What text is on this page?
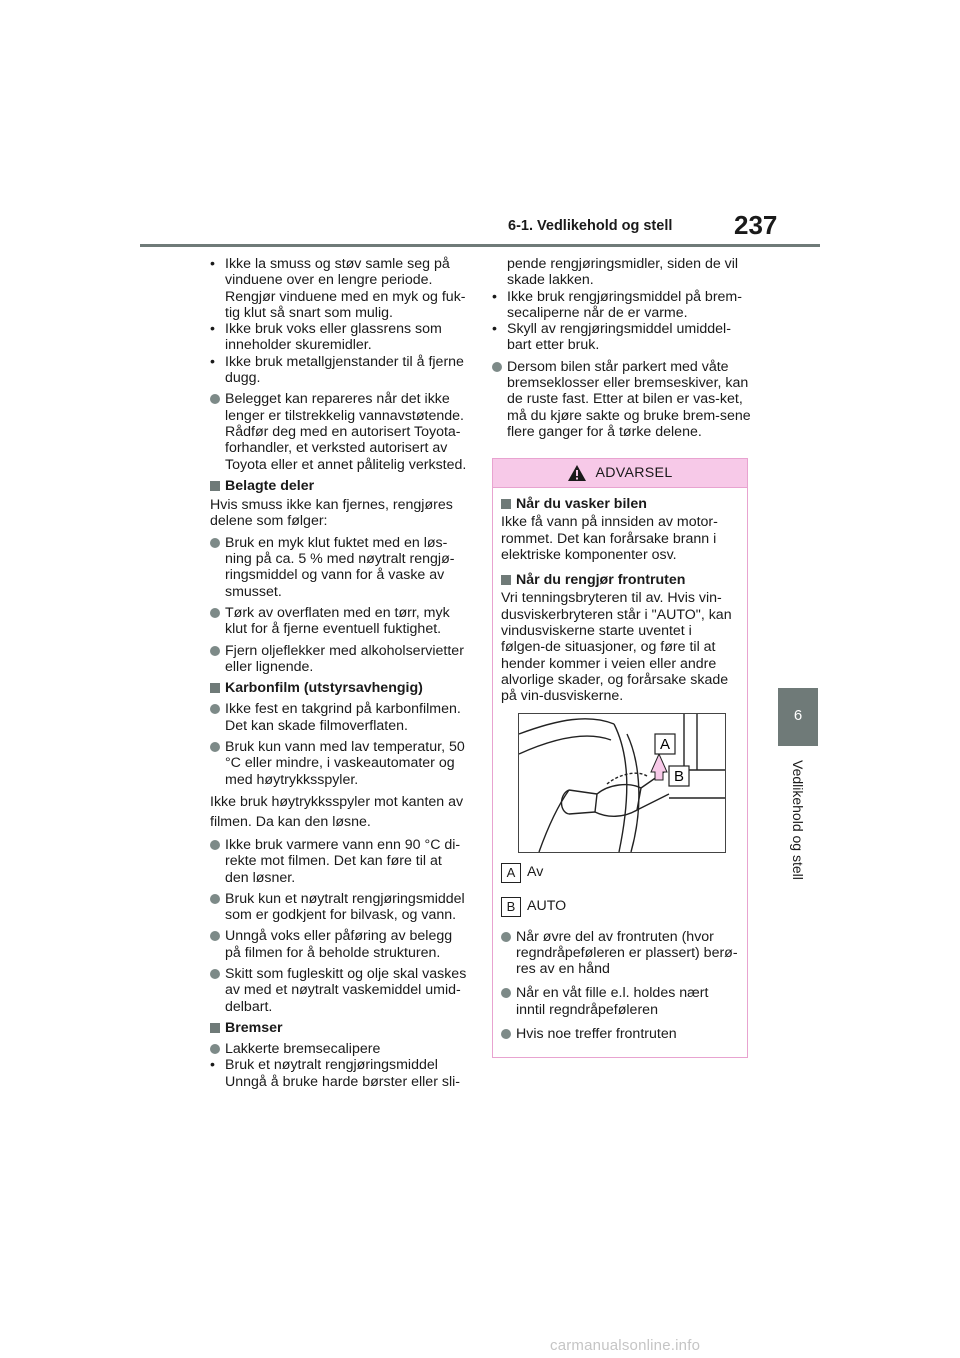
6-1. Vedlikehold og stell 237
6
Vedlikehold og stell
• Ikke la smuss og støv samle seg på vinduene over en lengre periode. Rengjør vinduene med en myk og fuk-tig klut så snart som mulig.
• Ikke bruk voks eller glassrens som inneholder skuremidler.
• Ikke bruk metallgjenstander til å fjerne dugg.
Belegget kan repareres når det ikke lenger er tilstrekkelig vannavstøtende. Rådfør deg med en autorisert Toyota-forhandler, et verksted autorisert av Toyota eller et annet pålitelig verksted.
Belagte deler
Hvis smuss ikke kan fjernes, rengjøres delene som følger:
Bruk en myk klut fuktet med en løs-ning på ca. 5 % med nøytralt rengjø-ringsmiddel og vann for å vaske av smusset.
Tørk av overflaten med en tørr, myk klut for å fjerne eventuell fuktighet.
Fjern oljeflekker med alkoholservietter eller lignende.
Karbonfilm (utstyrsavhengig)
Ikke fest en takgrind på karbonfilmen. Det kan skade filmoverflaten.
Bruk kun vann med lav temperatur, 50 °C eller mindre, i vaskeautomater og med høytrykksspyler.
Ikke bruk høytrykksspyler mot kanten av filmen. Da kan den løsne.
Ikke bruk varmere vann enn 90 °C di-rekte mot filmen. Det kan føre til at den løsner.
Bruk kun et nøytralt rengjøringsmiddel som er godkjent for bilvask, og vann.
Unngå voks eller påføring av belegg på filmen for å beholde strukturen.
Skitt som fugleskitt og olje skal vaskes av med et nøytralt vaskemiddel umid-delbart.
Bremser
Lakkerte bremsecalipere
• Bruk et nøytralt rengjøringsmiddel Unngå å bruke harde børster eller sli-
pende rengjøringsmidler, siden de vil skade lakken.
• Ikke bruk rengjøringsmiddel på brem-secaliperne når de er varme.
• Skyll av rengjøringsmiddel umiddel-bart etter bruk.
Dersom bilen står parkert med våte bremseklosser eller bremseskiver, kan de ruste fast. Etter at bilen er vas-ket, må du kjøre sakte og bruke brem-sene flere ganger for å tørke delene.
ADVARSEL
Når du vasker bilen
Ikke få vann på innsiden av motor-rommet. Det kan forårsake brann i elektriske komponenter osv.
Når du rengjør frontruten
Vri tenningsbryteren til av. Hvis vin-dusviskerbryteren står i "AUTO", kan vindusviskerne starte uventet i følgen-de situasjoner, og føre til at hender kommer i veien eller andre alvorlige skader, og forårsake skade på vin-dusviskerne.
A
B
A Av
B AUTO
Når øvre del av frontruten (hvor regndråpeføleren er plassert) berø-res av en hånd
Når en våt fille e.l. holdes nært inntil regndråpeføleren
Hvis noe treffer frontruten
carmanualsonline.info
